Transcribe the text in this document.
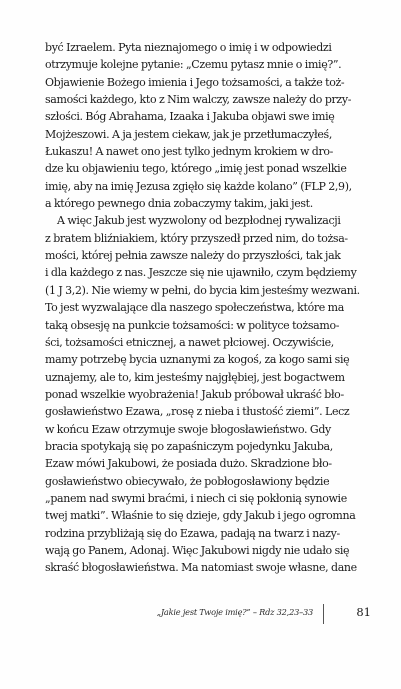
być Izraelem. Pyta nieznajomego o imię i w odpowiedzi
otrzymuje kolejne pytanie: „Czemu pytasz mnie o imię?”.
Objawienie Bożego imienia i Jego tożsamości, a także toż-
samości każdego, kto z Nim walczy, zawsze należy do przy-
szłości. Bóg Abrahama, Izaaka i Jakuba objawi swe imię
Mojżeszowi. A ja jestem ciekaw, jak je przetłumaczyłeś,
Łukaszu! A nawet ono jest tylko jednym krokiem w dro-
dze ku objawieniu tego, którego „imię jest ponad wszelkie
imię, aby na imię Jezusa zgięło się każde kolano” (FLP 2,9),
a którego pewnego dnia zobaczymy takim, jaki jest.
A więc Jakub jest wyzwolony od bezpłodnej rywalizacji
z bratem bliźniakiem, który przyszedł przed nim, do tożsa-
mości, której pełnia zawsze należy do przyszłości, tak jak
i dla każdego z nas. Jeszcze się nie ujawniło, czym będziemy
(1 J 3,2). Nie wiemy w pełni, do bycia kim jesteśmy wezwani.
To jest wyzwalające dla naszego społeczeństwa, które ma
taką obsesję na punkcie tożsamości: w polityce tożsamo-
ści, tożsamości etnicznej, a nawet płciowej. Oczywiście,
mamy potrzebę bycia uznanymi za kogoś, za kogo sami się
uznajemy, ale to, kim jesteśmy najgłębiej, jest bogactwem
ponad wszelkie wyobrażenia! Jakub próbował ukraść bło-
gosławieństwo Ezawa, „rosę z nieba i tłustość ziemi”. Lecz
w końcu Ezaw otrzymuje swoje błogosławieństwo. Gdy
bracia spotykają się po zapaśniczym pojedynku Jakuba,
Ezaw mówi Jakubowi, że posiada dużo. Skradzione bło-
gosławieństwo obiecywało, że pobłogosławiony będzie
„panem nad swymi braćmi, i niech ci się pokłonią synowie
twej matki”. Właśnie to się dzieje, gdy Jakub i jego ogromna
rodzina przybliżają się do Ezawa, padają na twarz i nazy-
wają go Panem, Adonaj. Więc Jakubowi nigdy nie udało się
skraść błogosławieństwa. Ma natomiast swoje własne, dane
„Jakie jest Twoje imię?” – Rdz 32,23–33	81
